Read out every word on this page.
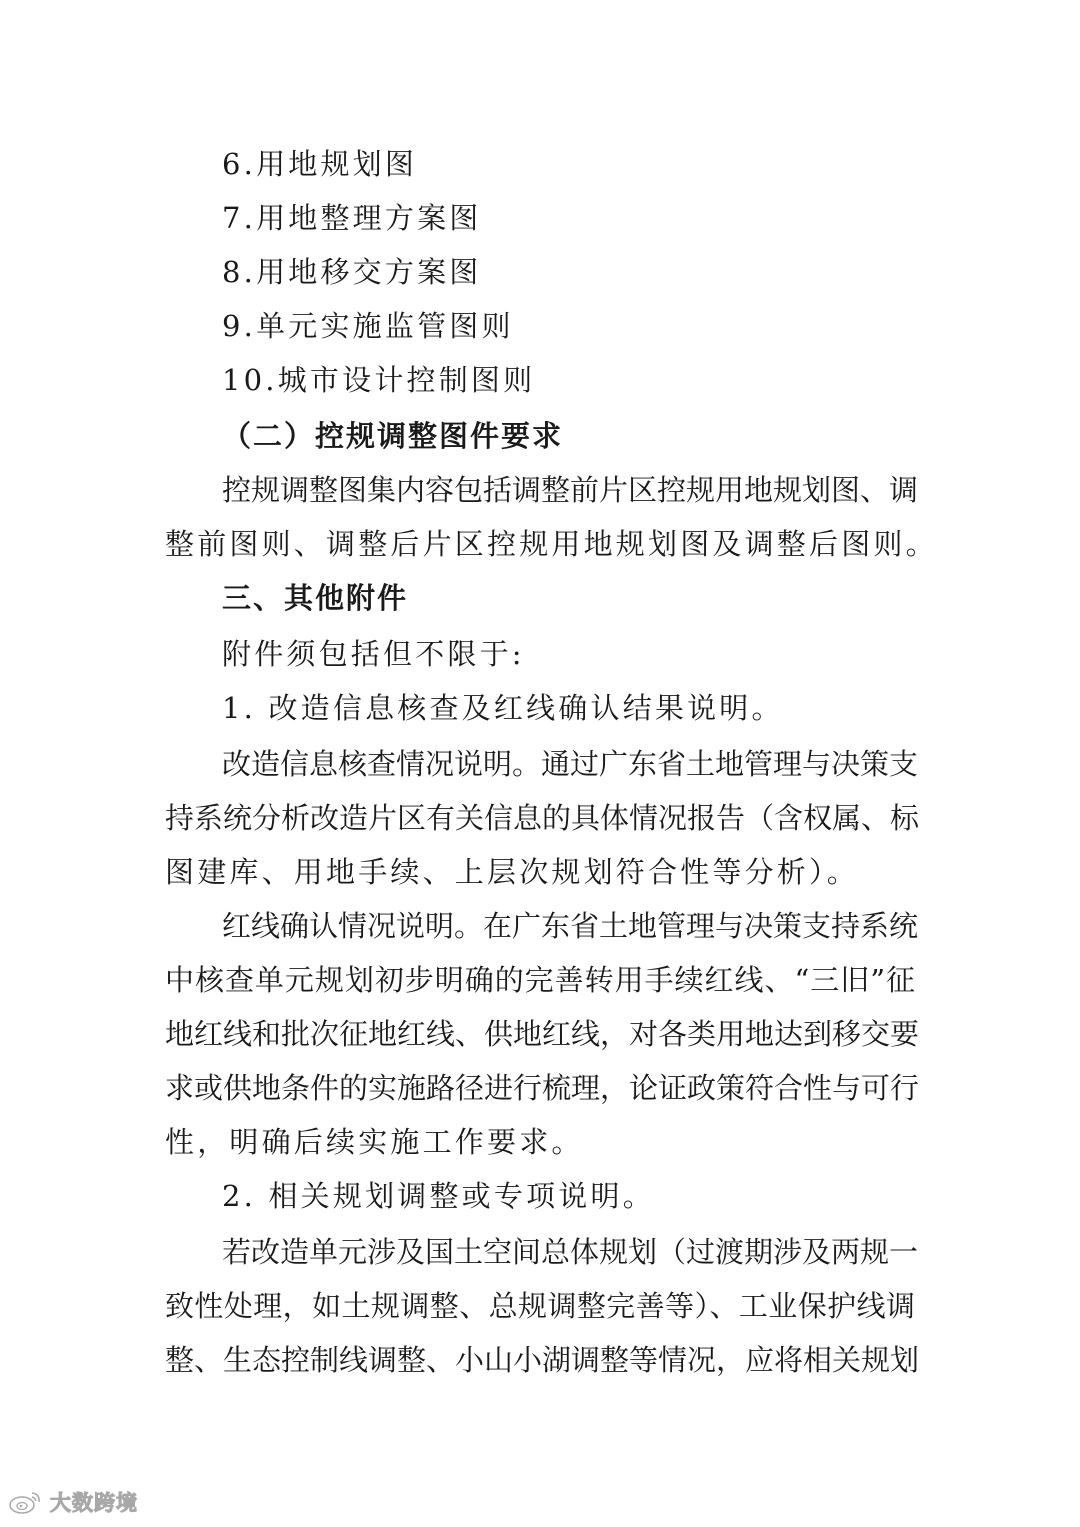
6.用地规划图
7.用地整理方案图
8.用地移交方案图
9.单元实施监管图则
10.城市设计控制图则
（二）控规调整图件要求
控规调整图集内容包括调整前片区控规用地规划图、调
整前图则、调整后片区控规用地规划图及调整后图则。
三、其他附件
附件须包括但不限于:
1. 改造信息核查及红线确认结果说明。
改造信息核查情况说明。通过广东省土地管理与决策支
持系统分析改造片区有关信息的具体情况报告（含权属、标
图建库、用地手续、上层次规划符合性等分析）。
红线确认情况说明。在广东省土地管理与决策支持系统
中核查单元规划初步明确的完善转用手续红线、“三旧”征
地红线和批次征地红线、供地红线，对各类用地达到移交要
求或供地条件的实施路径进行梳理，论证政策符合性与可行
性，明确后续实施工作要求。
2. 相关规划调整或专项说明。
若改造单元涉及国土空间总体规划（过渡期涉及两规一
致性处理，如土规调整、总规调整完善等）、工业保护线调
整、生态控制线调整、小山小湖调整等情况，应将相关规划
大数跨境
